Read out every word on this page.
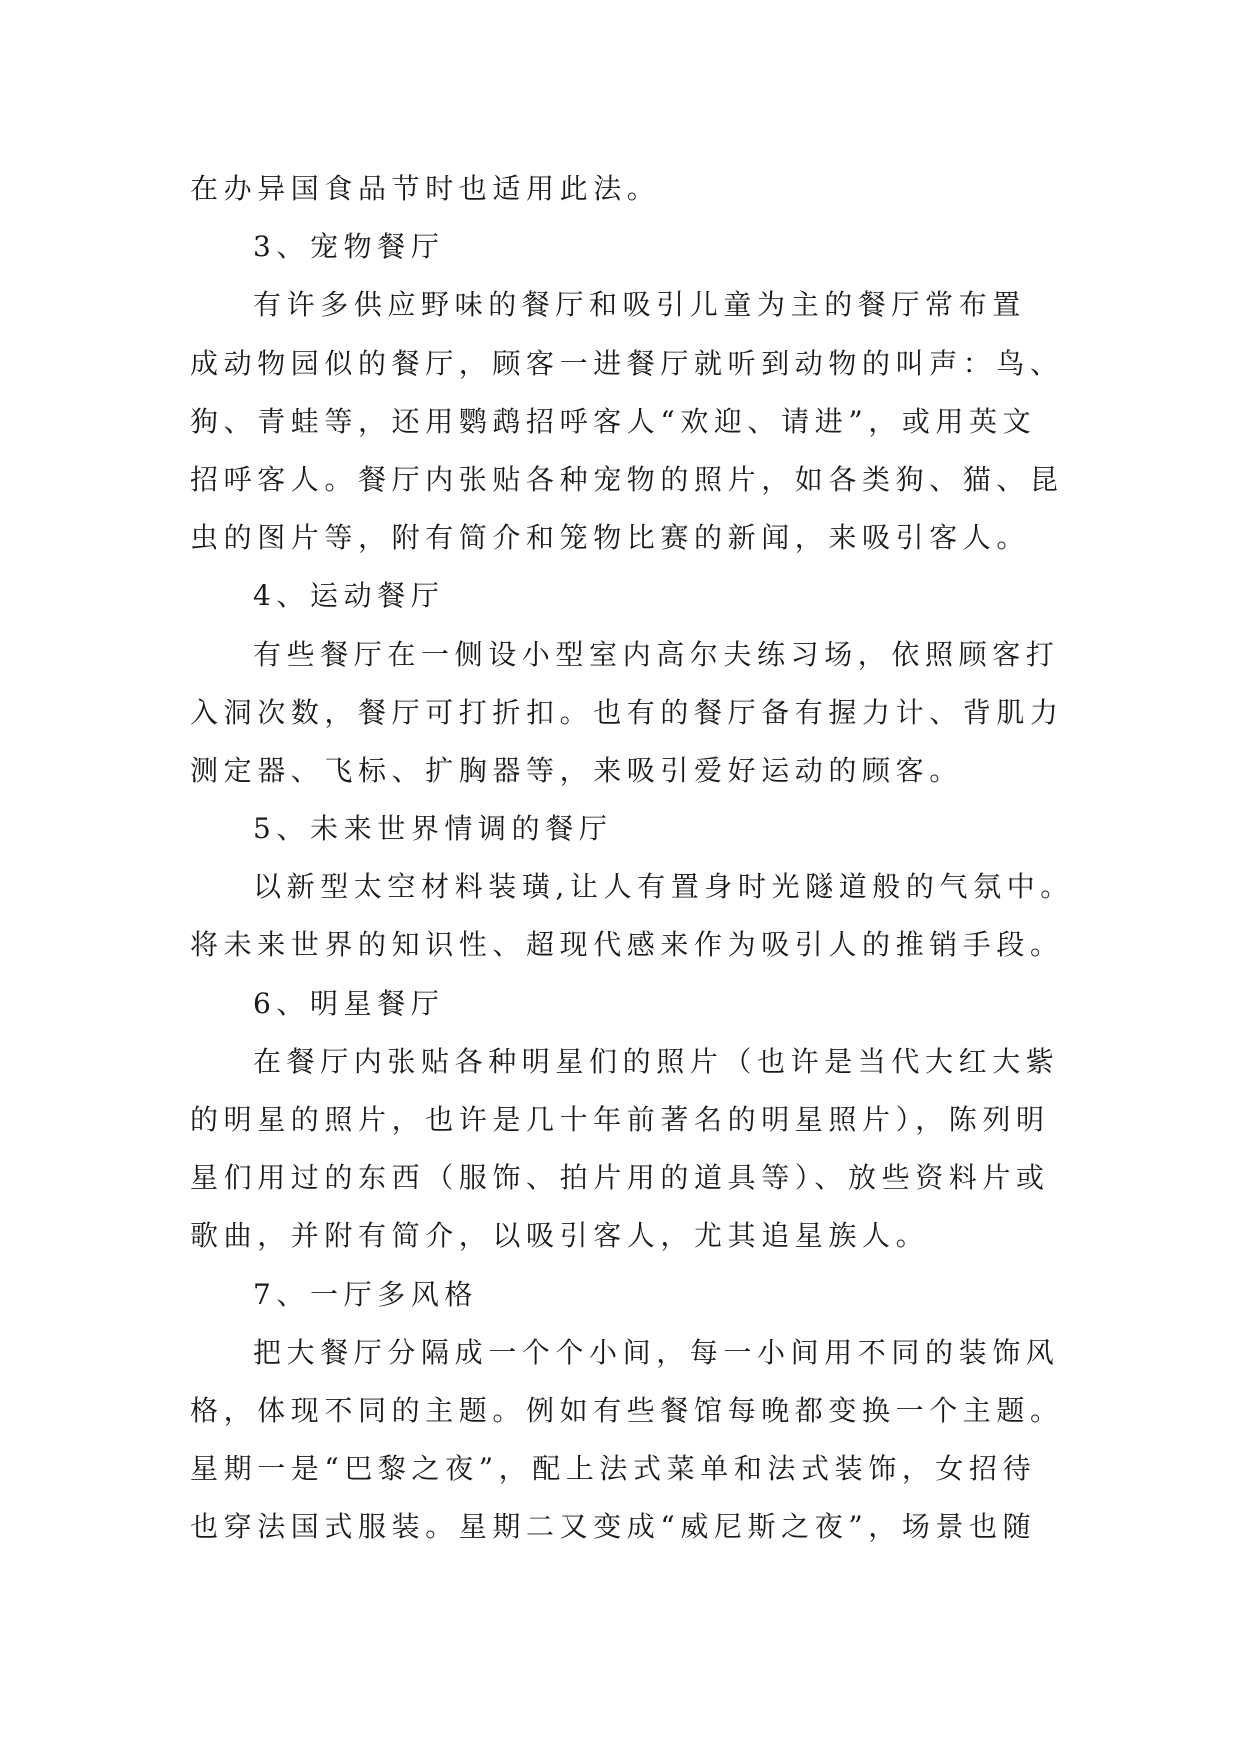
在办异国食品节时也适用此法。
3、宠物餐厅
有许多供应野味的餐厅和吸引儿童为主的餐厅常布置
成动物园似的餐厅，顾客一进餐厅就听到动物的叫声：鸟、
狗、青蛙等，还用鹦鹉招呼客人“欢迎、请进”，或用英文
招呼客人。餐厅内张贴各种宠物的照片，如各类狗、猫、昆
虫的图片等，附有简介和笼物比赛的新闻，来吸引客人。
4、运动餐厅
有些餐厅在一侧设小型室内高尔夫练习场，依照顾客打
入洞次数，餐厅可打折扣。也有的餐厅备有握力计、背肌力
测定器、飞标、扩胸器等，来吸引爱好运动的顾客。
5、未来世界情调的餐厅
以新型太空材料装璜,让人有置身时光隧道般的气氛中。
将未来世界的知识性、超现代感来作为吸引人的推销手段。
6、明星餐厅
在餐厅内张贴各种明星们的照片（也许是当代大红大紫
的明星的照片，也许是几十年前著名的明星照片），陈列明
星们用过的东西（服饰、拍片用的道具等）、放些资料片或
歌曲，并附有简介，以吸引客人，尤其追星族人。
7、一厅多风格
把大餐厅分隔成一个个小间，每一小间用不同的装饰风
格，体现不同的主题。例如有些餐馆每晚都变换一个主题。
星期一是“巴黎之夜”，配上法式菜单和法式装饰，女招待
也穿法国式服装。星期二又变成“威尼斯之夜”，场景也随
